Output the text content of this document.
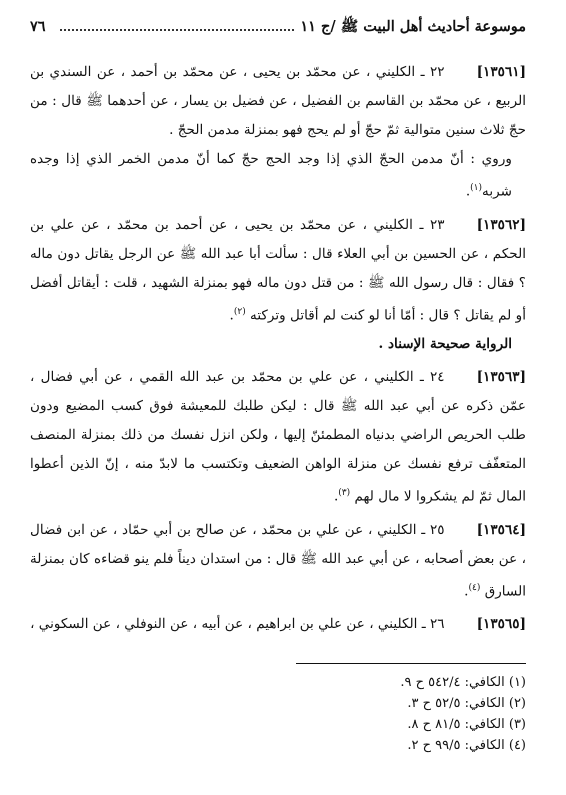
موسوعة أحاديث أهل البيت ﷺ /ج ١١
٧٦

[١٣٥٦١]٢٢ ـ الكليني ، عن محمّد بن يحيى ، عن محمّد بن أحمد ، عن السندي بن الربيع ، عن محمّد بن القاسم بن الفضيل ، عن فضيل بن يسار ، عن أحدهما ﷺ قال : من حجّ ثلاث سنين متوالية ثمّ حجّ أو لم يحج فهو بمنزلة مدمن الحجّ .

وروي : أنّ مدمن الحجّ الذي إذا وجد الحج حجّ كما أنّ مدمن الخمر الذي إذا وجده شربه$^{(١)}$.

[١٣٥٦٢]٢٣ ـ الكليني ، عن محمّد بن يحيى ، عن أحمد بن محمّد ، عن علي بن الحكم ، عن الحسين بن أبي العلاء قال : سألت أبا عبد الله ﷺ عن الرجل يقاتل دون ماله ؟ فقال : قال رسول الله ﷺ : من قتل دون ماله فهو بمنزلة الشهيد ، قلت : أيقاتل أفضل أو لم يقاتل ؟ قال : أمّا أنا لو كنت لم أقاتل وتركته $^{(٢)}$.

الرواية صحيحة الإسناد .

[١٣٥٦٣]٢٤ ـ الكليني ، عن علي بن محمّد بن عبد الله القمي ، عن أبي فضال ، عمّن ذكره عن أبي عبد الله ﷺ قال : ليكن طلبك للمعيشة فوق كسب المضيع ودون طلب الحريص الراضي بدنياه المطمئنّ إليها ، ولكن انزل نفسك من ذلك بمنزلة المنصف المتعفّف ترفع نفسك عن منزلة الواهن الضعيف وتكتسب ما لابدّ منه ، إنّ الذين أعطوا المال ثمّ لم يشكروا لا مال لهم $^{(٣)}$.

[١٣٥٦٤]٢٥ ـ الكليني ، عن علي بن محمّد ، عن صالح بن أبي حمّاد ، عن ابن فضال ، عن بعض أصحابه ، عن أبي عبد الله ﷺ قال : من استدان ديناً فلم ينو قضاءه كان بمنزلة السارق $^{(٤)}$.

[١٣٥٦٥]٢٦ ـ الكليني ، عن علي بن ابراهيم ، عن أبيه ، عن النوفلي ، عن السكوني ،

(١) الكافي: ٥٤٢/٤ ح ٩.
(٢) الكافي: ٥٢/٥ ح ٣.
(٣) الكافي: ٨١/٥ ح ٨.
(٤) الكافي: ٩٩/٥ ح ٢.
